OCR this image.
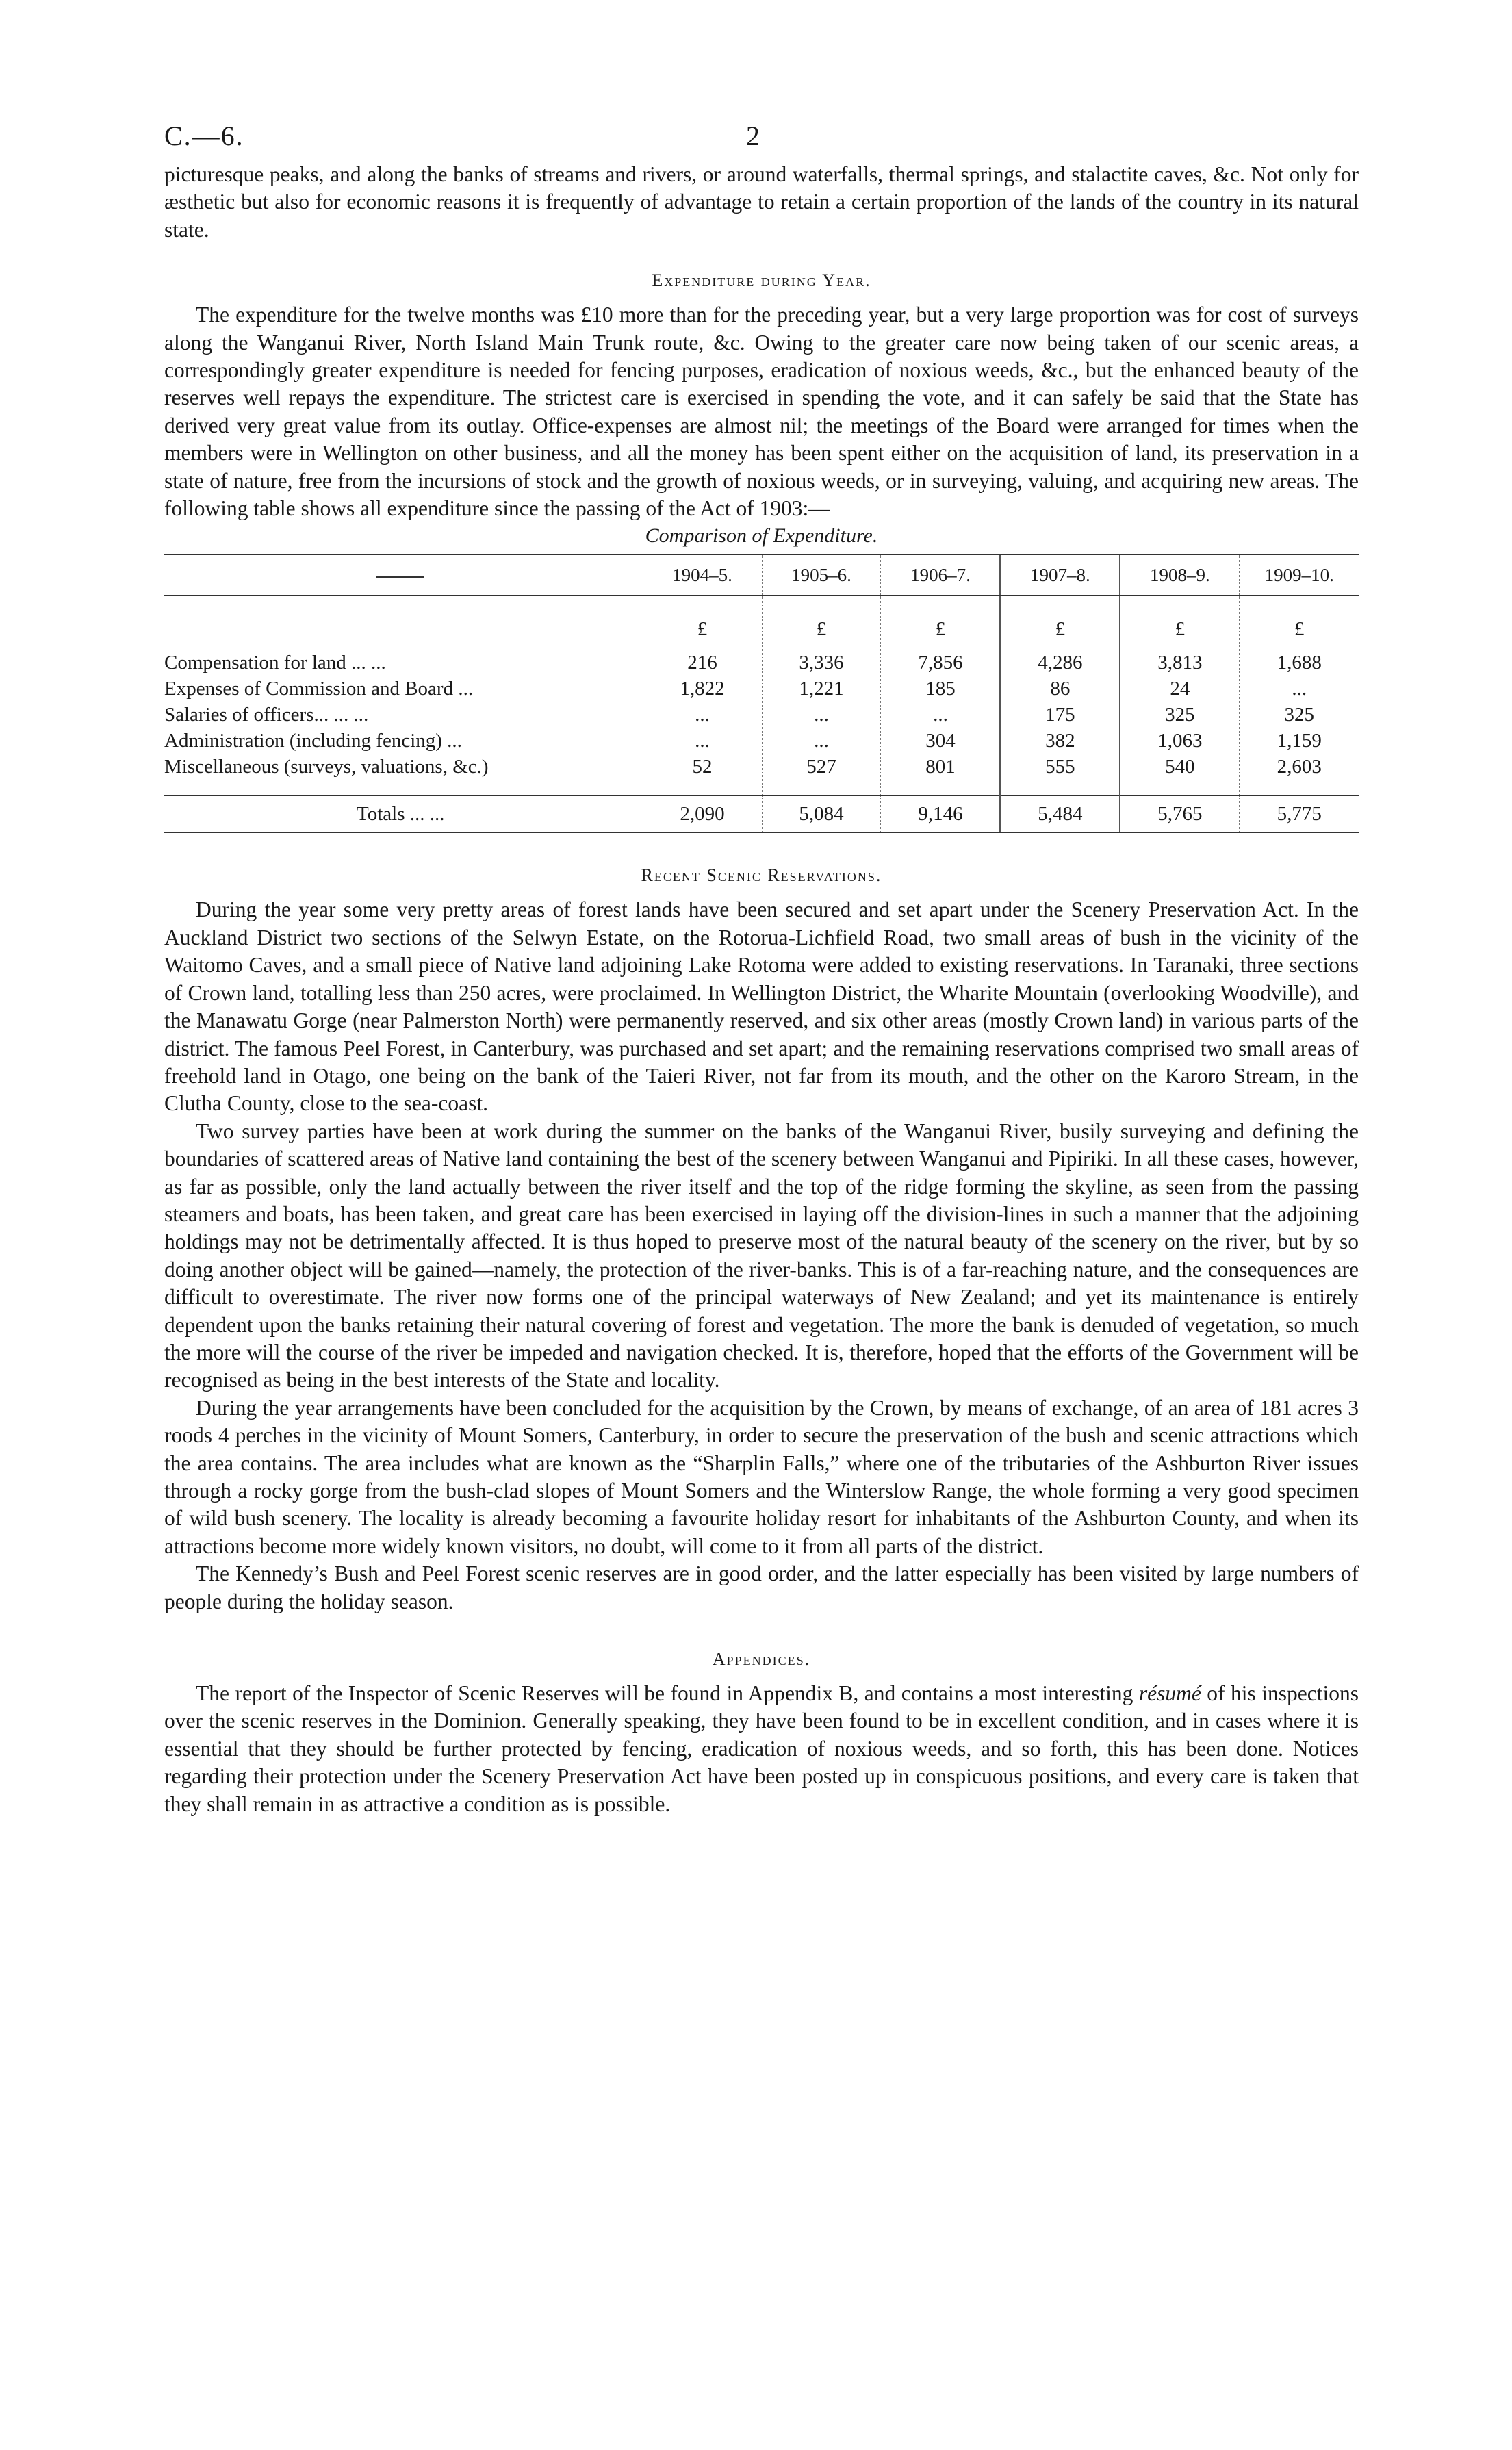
C.—6.	2

picturesque peaks, and along the banks of streams and rivers, or around waterfalls, thermal springs, and stalactite caves, &c. Not only for æsthetic but also for economic reasons it is frequently of advantage to retain a certain proportion of the lands of the country in its natural state.

Expenditure during Year.

The expenditure for the twelve months was £10 more than for the preceding year, but a very large proportion was for cost of surveys along the Wanganui River, North Island Main Trunk route, &c. Owing to the greater care now being taken of our scenic areas, a correspondingly greater expenditure is needed for fencing purposes, eradication of noxious weeds, &c., but the enhanced beauty of the reserves well repays the expenditure. The strictest care is exercised in spending the vote, and it can safely be said that the State has derived very great value from its outlay. Office-expenses are almost nil; the meetings of the Board were arranged for times when the members were in Wellington on other business, and all the money has been spent either on the acquisition of land, its preservation in a state of nature, free from the incursions of stock and the growth of noxious weeds, or in surveying, valuing, and acquiring new areas. The following table shows all expenditure since the passing of the Act of 1903:—

Comparison of Expenditure.
	1904–5.	1905–6.	1906–7.	1907–8.	1908–9.	1909–10.
	£	£	£	£	£	£
Compensation for land ... ...	216	3,336	7,856	4,286	3,813	1,688
Expenses of Commission and Board ...	1,822	1,221	185	86	24	...
Salaries of officers... ... ...	...	...	...	175	325	325
Administration (including fencing) ...	...	...	304	382	1,063	1,159
Miscellaneous (surveys, valuations, &c.)	52	527	801	555	540	2,603

Totals ... ...	2,090	5,084	9,146	5,484	5,765	5,775
Recent Scenic Reservations.

During the year some very pretty areas of forest lands have been secured and set apart under the Scenery Preservation Act. In the Auckland District two sections of the Selwyn Estate, on the Rotorua-Lichfield Road, two small areas of bush in the vicinity of the Waitomo Caves, and a small piece of Native land adjoining Lake Rotoma were added to existing reservations. In Taranaki, three sections of Crown land, totalling less than 250 acres, were proclaimed. In Wellington District, the Wharite Mountain (overlooking Woodville), and the Manawatu Gorge (near Palmerston North) were permanently reserved, and six other areas (mostly Crown land) in various parts of the district. The famous Peel Forest, in Canterbury, was purchased and set apart; and the remaining reservations comprised two small areas of freehold land in Otago, one being on the bank of the Taieri River, not far from its mouth, and the other on the Karoro Stream, in the Clutha County, close to the sea-coast.

Two survey parties have been at work during the summer on the banks of the Wanganui River, busily surveying and defining the boundaries of scattered areas of Native land containing the best of the scenery between Wanganui and Pipiriki. In all these cases, however, as far as possible, only the land actually between the river itself and the top of the ridge forming the skyline, as seen from the passing steamers and boats, has been taken, and great care has been exercised in laying off the division-lines in such a manner that the adjoining holdings may not be detrimentally affected. It is thus hoped to preserve most of the natural beauty of the scenery on the river, but by so doing another object will be gained—namely, the protection of the river-banks. This is of a far-reaching nature, and the consequences are difficult to overestimate. The river now forms one of the principal waterways of New Zealand; and yet its maintenance is entirely dependent upon the banks retaining their natural covering of forest and vegetation. The more the bank is denuded of vegetation, so much the more will the course of the river be impeded and navigation checked. It is, therefore, hoped that the efforts of the Government will be recognised as being in the best interests of the State and locality.

During the year arrangements have been concluded for the acquisition by the Crown, by means of exchange, of an area of 181 acres 3 roods 4 perches in the vicinity of Mount Somers, Canterbury, in order to secure the preservation of the bush and scenic attractions which the area contains. The area includes what are known as the “Sharplin Falls,” where one of the tributaries of the Ashburton River issues through a rocky gorge from the bush-clad slopes of Mount Somers and the Winterslow Range, the whole forming a very good specimen of wild bush scenery. The locality is already becoming a favourite holiday resort for inhabitants of the Ashburton County, and when its attractions become more widely known visitors, no doubt, will come to it from all parts of the district.

The Kennedy’s Bush and Peel Forest scenic reserves are in good order, and the latter especially has been visited by large numbers of people during the holiday season.

Appendices.

The report of the Inspector of Scenic Reserves will be found in Appendix B, and contains a most interesting résumé of his inspections over the scenic reserves in the Dominion. Generally speaking, they have been found to be in excellent condition, and in cases where it is essential that they should be further protected by fencing, eradication of noxious weeds, and so forth, this has been done. Notices regarding their protection under the Scenery Preservation Act have been posted up in conspicuous positions, and every care is taken that they shall remain in as attractive a condition as is possible.
